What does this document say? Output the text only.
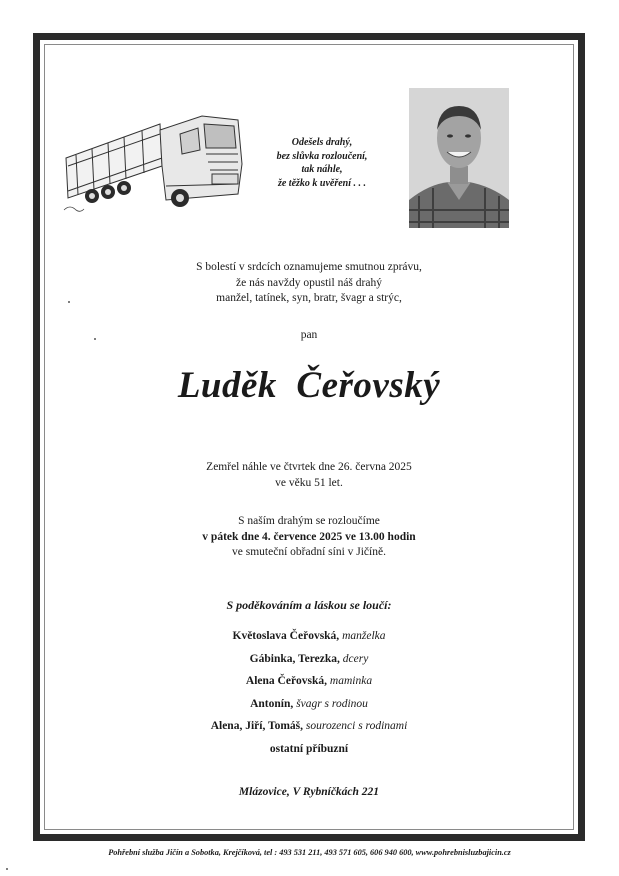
Odešels drahý,
bez slůvka rozloučení,
tak náhle,
že těžko k uvěření . . .
S bolestí v srdcích oznamujeme smutnou zprávu,
že nás navždy opustil náš drahý
manžel, tatínek, syn, bratr, švagr a strýc,
pan
Luděk  Čeřovský
Zemřel náhle ve čtvrtek dne 26. června 2025
ve věku 51 let.
S naším drahým se rozloučíme
v pátek dne 4. července 2025 ve 13.00 hodin
ve smuteční obřadní síni v Jičíně.
S poděkováním a láskou se loučí:
Květoslava Čeřovská, manželka
Gábinka, Terezka, dcery
Alena Čeřovská, maminka
Antonín, švagr s rodinou
Alena, Jiří, Tomáš, sourozenci s rodinami
ostatní příbuzní
Mlázovice, V Rybníčkách 221
Pohřební služba Jičín a Sobotka, Krejčíková, tel : 493 531 211, 493 571 605, 606 940 600, www.pohrebnisluzbajicin.cz
